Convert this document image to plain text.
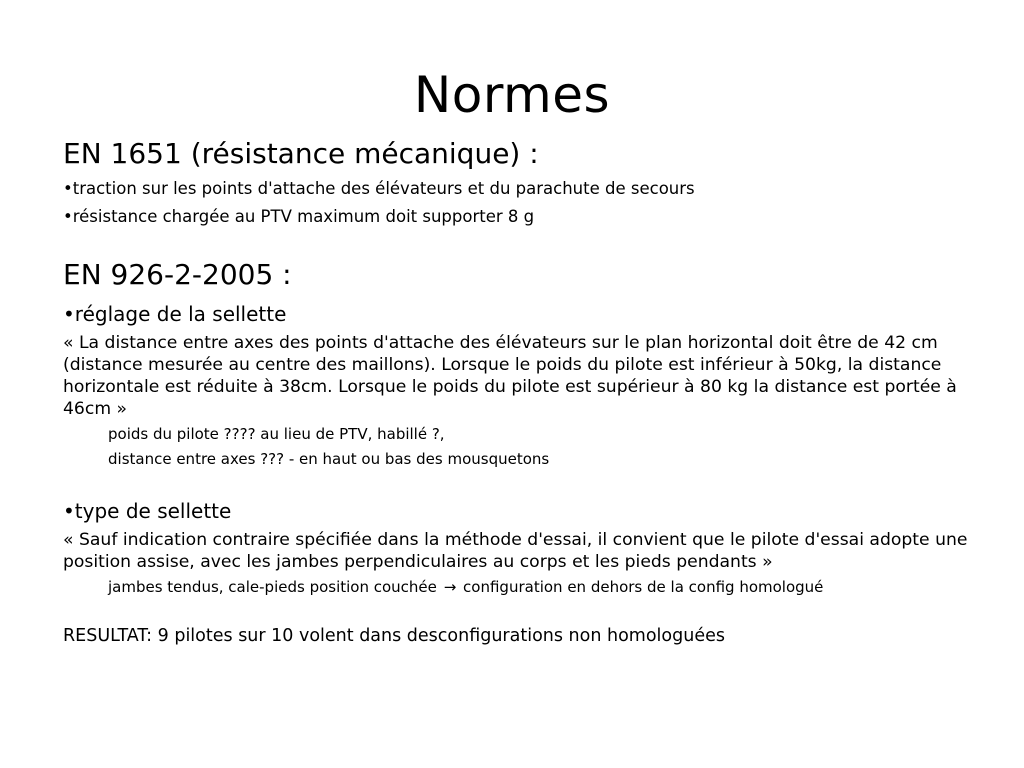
Normes
EN 1651 (résistance mécanique) :
•traction sur les points d'attache des élévateurs et du parachute de secours
•résistance chargée au PTV maximum doit supporter 8 g
EN 926-2-2005 :
•réglage de la sellette
« La distance entre axes des points d'attache des élévateurs sur le plan horizontal doit être de 42 cm (distance mesurée au centre des maillons). Lorsque le poids du pilote est inférieur à 50kg, la distance horizontale est réduite à 38cm. Lorsque le poids du pilote est supérieur à 80 kg la distance est portée à 46cm »
poids du pilote ???? au lieu de PTV, habillé ?,
distance entre axes ??? - en haut ou bas des mousquetons
•type de sellette
« Sauf indication contraire spécifiée dans la méthode d'essai, il convient que le pilote d'essai adopte une position assise, avec les jambes perpendiculaires au corps et les pieds pendants »
jambes tendus, cale-pieds position couchée → configuration en dehors de la config homologué
RESULTAT: 9 pilotes sur 10 volent dans desconfigurations non homologuées
